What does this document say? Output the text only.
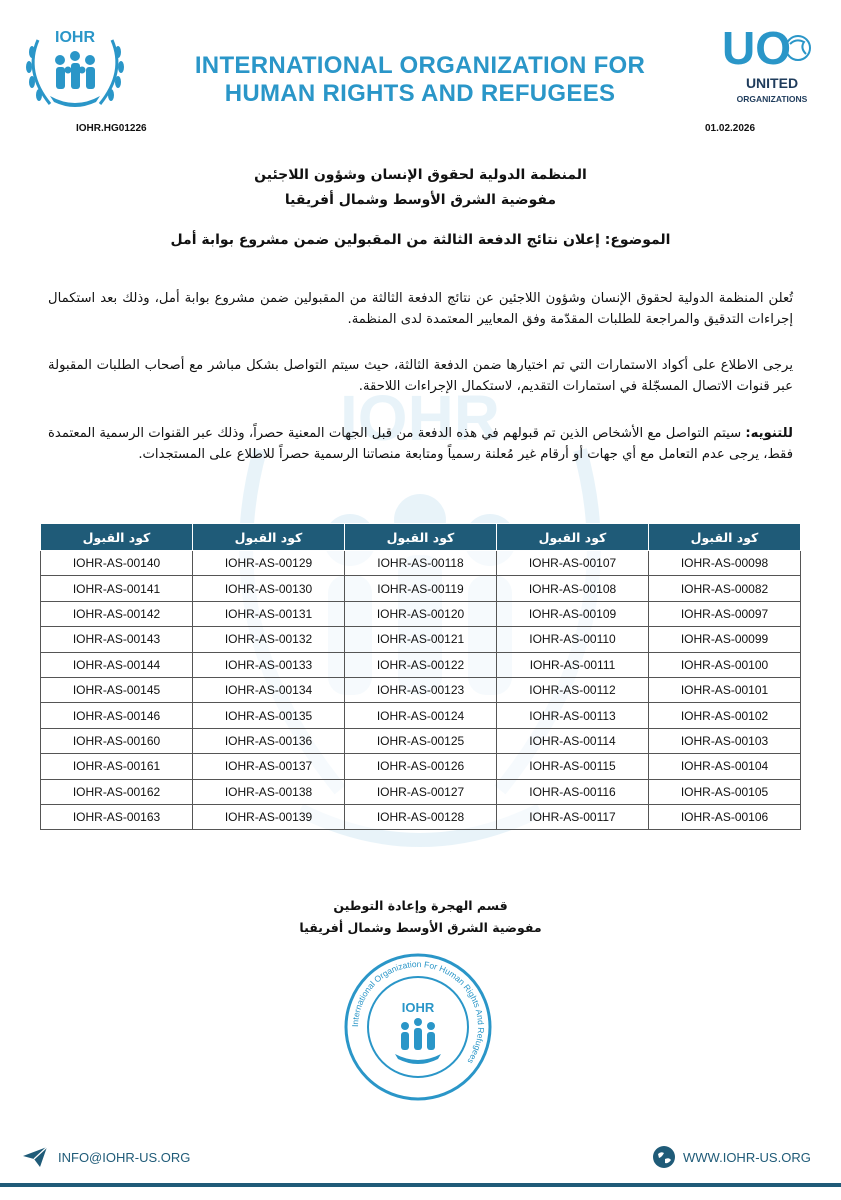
IOHR
IOHR
INTERNATIONAL ORGANIZATION FOR
HUMAN RIGHTS AND REFUGEES
UO
UNITED
ORGANIZATIONS
IOHR.HG01226	01.02.2026
المنظمة الدولية لحقوق الإنسان وشؤون اللاجئين
مفوضية الشرق الأوسط وشمال أفريقيا
الموضوع: إعلان نتائج الدفعة الثالثة من المقبولين ضمن مشروع بوابة أمل
تُعلن المنظمة الدولية لحقوق الإنسان وشؤون اللاجئين عن نتائج الدفعة الثالثة من المقبولين ضمن مشروع بوابة أمل، وذلك بعد استكمال إجراءات التدقيق والمراجعة للطلبات المقدّمة وفق المعايير المعتمدة لدى المنظمة.
يرجى الاطلاع على أكواد الاستمارات التي تم اختيارها ضمن الدفعة الثالثة، حيث سيتم التواصل بشكل مباشر مع أصحاب الطلبات المقبولة عبر قنوات الاتصال المسجّلة في استمارات التقديم، لاستكمال الإجراءات اللاحقة.
للتنويه: سيتم التواصل مع الأشخاص الذين تم قبولهم في هذه الدفعة من قبل الجهات المعنية حصراً، وذلك عبر القنوات الرسمية المعتمدة فقط، يرجى عدم التعامل مع أي جهات أو أرقام غير مُعلنة رسمياً ومتابعة منصاتنا الرسمية حصراً للاطلاع على المستجدات.
كود القبول	كود القبول	كود القبول	كود القبول	كود القبول
IOHR-AS-00098	IOHR-AS-00107	IOHR-AS-00118	IOHR-AS-00129	IOHR-AS-00140
IOHR-AS-00082	IOHR-AS-00108	IOHR-AS-00119	IOHR-AS-00130	IOHR-AS-00141
IOHR-AS-00097	IOHR-AS-00109	IOHR-AS-00120	IOHR-AS-00131	IOHR-AS-00142
IOHR-AS-00099	IOHR-AS-00110	IOHR-AS-00121	IOHR-AS-00132	IOHR-AS-00143
IOHR-AS-00100	IOHR-AS-00111	IOHR-AS-00122	IOHR-AS-00133	IOHR-AS-00144
IOHR-AS-00101	IOHR-AS-00112	IOHR-AS-00123	IOHR-AS-00134	IOHR-AS-00145
IOHR-AS-00102	IOHR-AS-00113	IOHR-AS-00124	IOHR-AS-00135	IOHR-AS-00146
IOHR-AS-00103	IOHR-AS-00114	IOHR-AS-00125	IOHR-AS-00136	IOHR-AS-00160
IOHR-AS-00104	IOHR-AS-00115	IOHR-AS-00126	IOHR-AS-00137	IOHR-AS-00161
IOHR-AS-00105	IOHR-AS-00116	IOHR-AS-00127	IOHR-AS-00138	IOHR-AS-00162
IOHR-AS-00106	IOHR-AS-00117	IOHR-AS-00128	IOHR-AS-00139	IOHR-AS-00163
قسم الهجرة وإعادة التوطين
مفوضية الشرق الأوسط وشمال أفريقيا
International Organization For Human Rights And Refugees
IOHR
INFO@IOHR-US.ORG	WWW.IOHR-US.ORG
